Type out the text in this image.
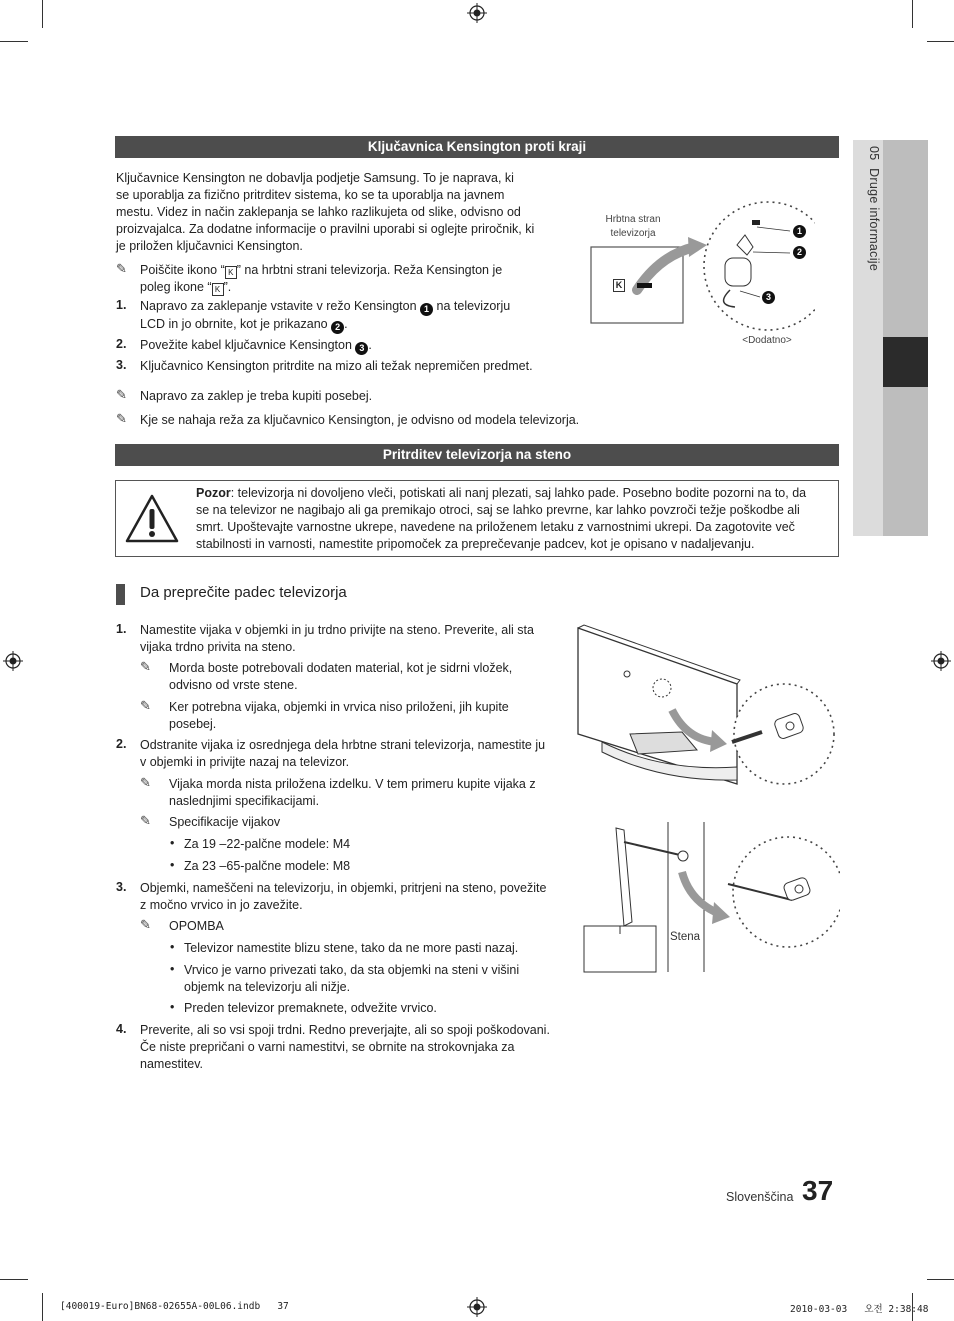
05  Druge informacije
Ključavnica Kensington proti kraji
Ključavnice Kensington ne dobavlja podjetje Samsung. To je naprava, ki
se uporablja za fizično pritrditev sistema, ko se ta uporablja na javnem
mestu. Videz in način zaklepanja se lahko razlikujeta od slike, odvisno od
proizvajalca. Za dodatne informacije o pravilni uporabi si oglejte priročnik, ki
je priložen ključavnici Kensington.
✎ Poiščite ikono “ K ” na hrbtni strani televizorja. Reža Kensington je
poleg ikone “ K ”.
1. Napravo za zaklepanje vstavite v režo Kensington 1 na televizorju
LCD in jo obrnite, kot je prikazano 2 .
2. Povežite kabel ključavnice Kensington 3 .
3. Ključavnico Kensington pritrdite na mizo ali težak nepremičen predmet.
✎ Napravo za zaklep je treba kupiti posebej.
✎ Kje se nahaja reža za ključavnico Kensington, je odvisno od modela televizorja.
Hrbtna stran
televizorja
K
1
2
3
<Dodatno>
Pritrditev televizorja na steno
Pozor: televizorja ni dovoljeno vleči, potiskati ali nanj plezati, saj lahko pade. Posebno bodite pozorni na to, da
se na televizor ne nagibajo ali ga premikajo otroci, saj se lahko prevrne, kar lahko povzroči težje poškodbe ali
smrt. Upoštevajte varnostne ukrepe, navedene na priloženem letaku z varnostnimi ukrepi. Da zagotovite več
stabilnosti in varnosti, namestite pripomoček za preprečevanje padcev, kot je opisano v nadaljevanju.
Da preprečite padec televizorja
1. Namestite vijaka v objemki in ju trdno privijte na steno. Preverite, ali sta
vijaka trdno privita na steno.
✎ Morda boste potrebovali dodaten material, kot je sidrni vložek,
odvisno od vrste stene.
✎ Ker potrebna vijaka, objemki in vrvica niso priloženi, jih kupite
posebej.
2. Odstranite vijaka iz osrednjega dela hrbtne strani televizorja, namestite ju
v objemki in privijte nazaj na televizor.
✎ Vijaka morda nista priložena izdelku. V tem primeru kupite vijaka z
naslednjimi specifikacijami.
✎ Specifikacije vijakov
• Za 19 –22-palčne modele: M4
• Za 23 –65-palčne modele: M8
3. Objemki, nameščeni na televizorju, in objemki, pritrjeni na steno, povežite
z močno vrvico in jo zavežite.
✎ OPOMBA
• Televizor namestite blizu stene, tako da ne more pasti nazaj.
• Vrvico je varno privezati tako, da sta objemki na steni v višini
objemk na televizorju ali nižje.
• Preden televizor premaknete, odvežite vrvico.
4. Preverite, ali so vsi spoji trdni. Redno preverjajte, ali so spoji poškodovani.
Če niste prepričani o varni namestitvi, se obrnite na strokovnjaka za
namestitev.
Stena
Slovenščina 37
[400019-Euro]BN68-02655A-00L06.indb   37	2010-03-03   오전 2:38:48
